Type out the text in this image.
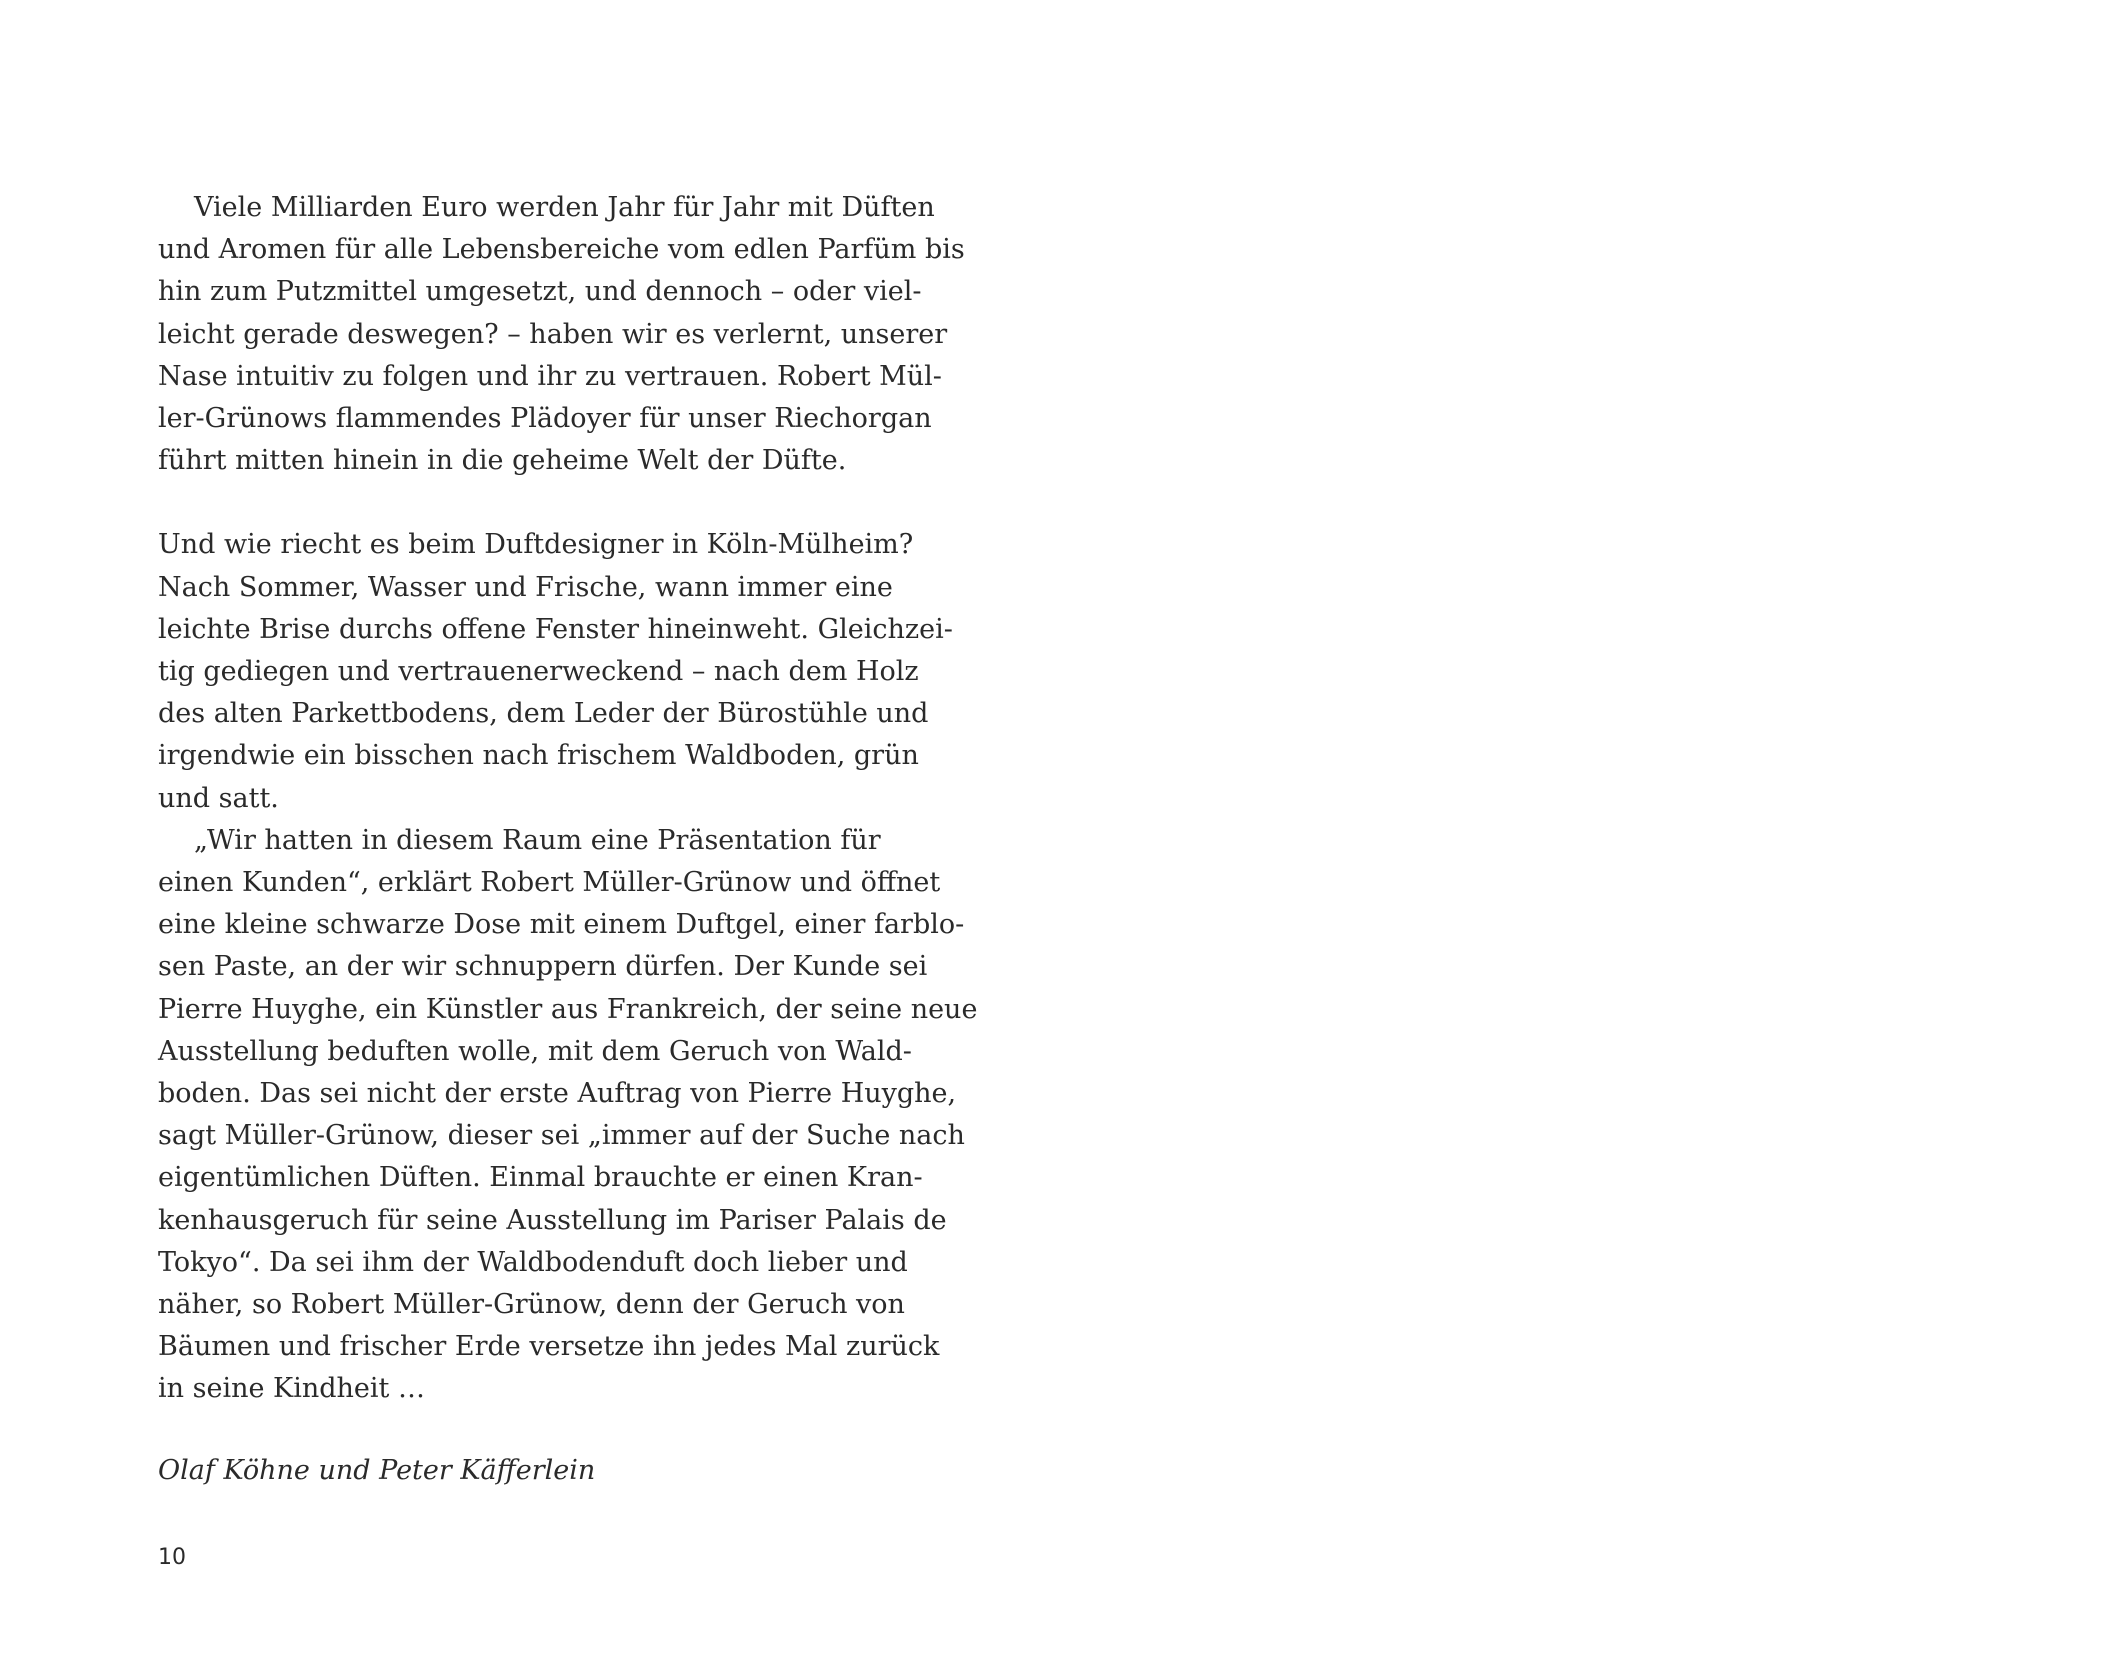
Viele Milliarden Euro werden Jahr für Jahr mit Düften
und Aromen für alle Lebensbereiche vom edlen Parfüm bis
hin zum Putzmittel umgesetzt, und dennoch – oder viel-
leicht gerade deswegen? – haben wir es verlernt, unserer
Nase intuitiv zu folgen und ihr zu vertrauen. Robert Mül-
ler-Grünows flammendes Plädoyer für unser Riechorgan
führt mitten hinein in die geheime Welt der Düfte.
Und wie riecht es beim Duftdesigner in Köln-Mülheim?
Nach Sommer, Wasser und Frische, wann immer eine
leichte Brise durchs offene Fenster hineinweht. Gleichzei-
tig gediegen und vertrauenerweckend – nach dem Holz
des alten Parkettbodens, dem Leder der Bürostühle und
irgendwie ein bisschen nach frischem Waldboden, grün
und satt.
„Wir hatten in diesem Raum eine Präsentation für
einen Kunden“, erklärt Robert Müller-Grünow und öffnet
eine kleine schwarze Dose mit einem Duftgel, einer farblo-
sen Paste, an der wir schnuppern dürfen. Der Kunde sei
Pierre Huyghe, ein Künstler aus Frankreich, der seine neue
Ausstellung beduften wolle, mit dem Geruch von Wald-
boden. Das sei nicht der erste Auftrag von Pierre Huyghe,
sagt Müller-Grünow, dieser sei „immer auf der Suche nach
eigentümlichen Düften. Einmal brauchte er einen Kran-
kenhausgeruch für seine Ausstellung im Pariser Palais de
Tokyo“. Da sei ihm der Waldbodenduft doch lieber und
näher, so Robert Müller-Grünow, denn der Geruch von
Bäumen und frischer Erde versetze ihn jedes Mal zurück
in seine Kindheit …
Olaf Köhne und Peter Käfferlein
10
